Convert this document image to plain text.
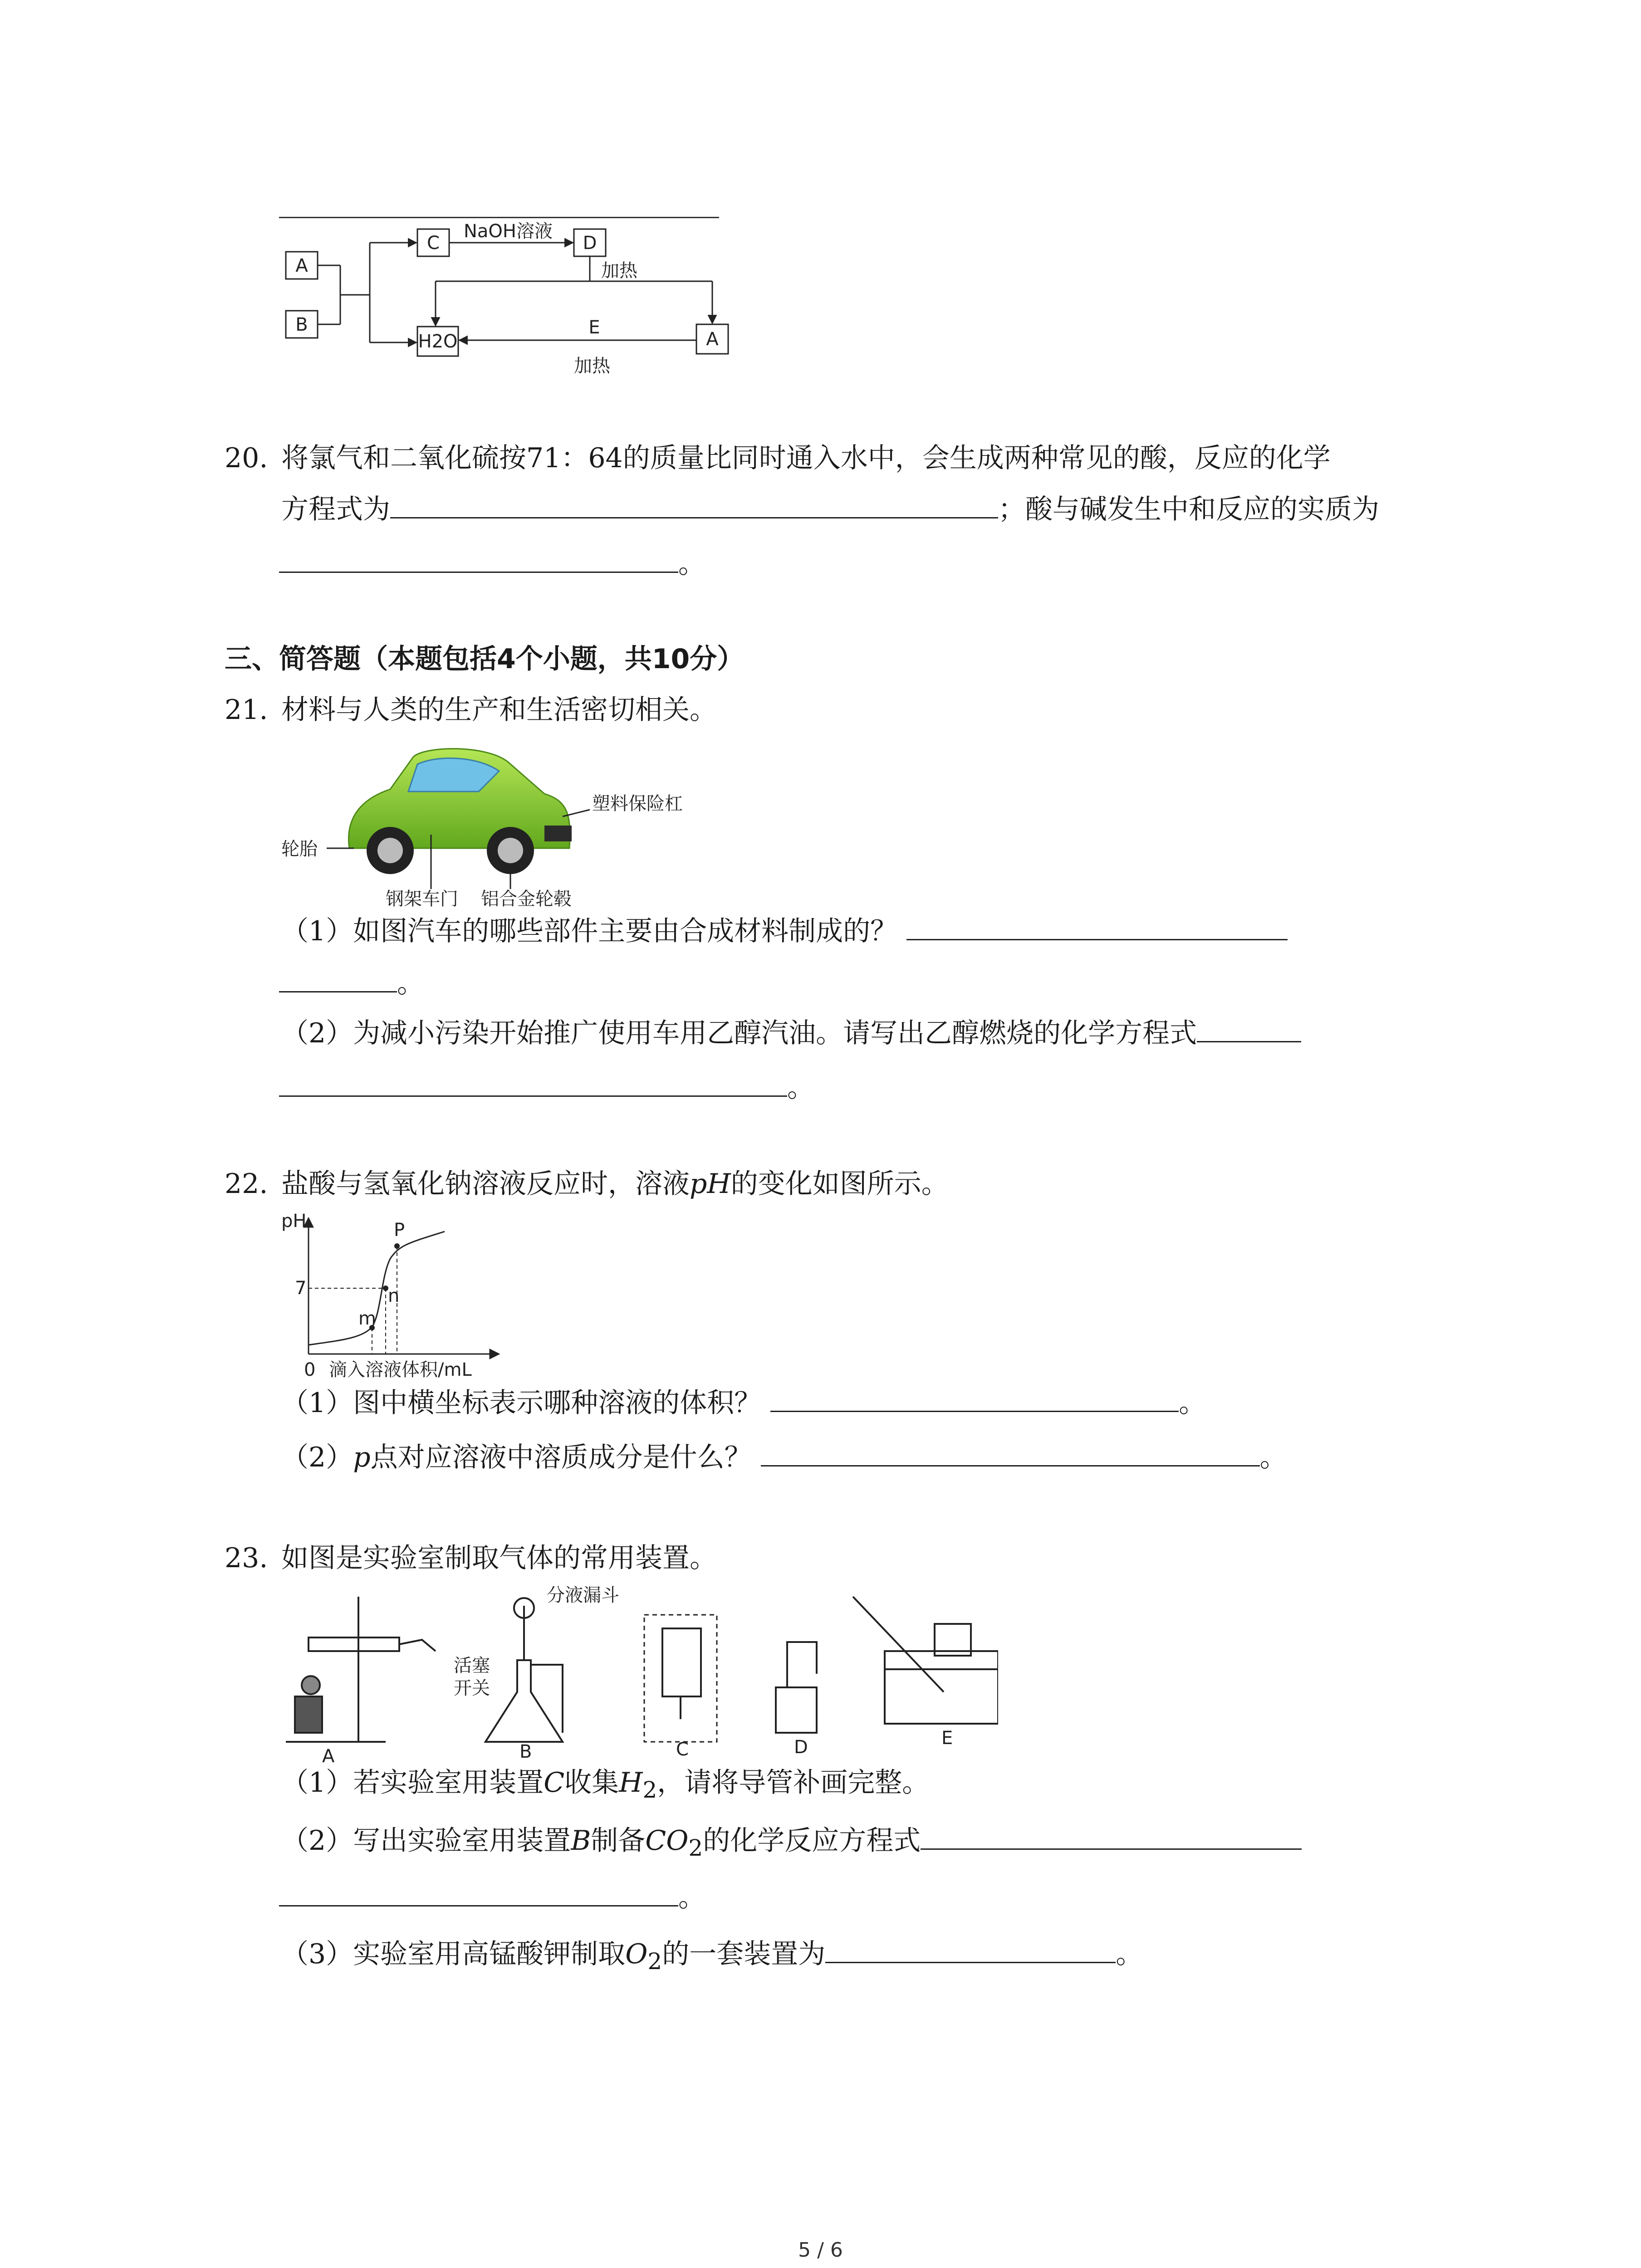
A
B
C	D
H2O	A
NaOH溶液
加热
E
加热
20. 将氯气和二氧化硫按71：64的质量比同时通入水中，会生成两种常见的酸，反应的化学
方程式为	；酸与碱发生中和反应的实质为
。
三、简答题（本题包括4个小题，共10分）
21. 材料与人类的生产和生活密切相关。
塑料保险杠
轮胎
钢架车门 铝合金轮毂
（1）如图汽车的哪些部件主要由合成材料制成的？
。
（2）为减小污染开始推广使用车用乙醇汽油。请写出乙醇燃烧的化学方程式
。
22. 盐酸与氢氧化钠溶液反应时，溶液pH的变化如图所示。
pH
7
0 滴入溶液体积/mL
m
n
P
（1）图中横坐标表示哪种溶液的体积？	。
（2）p点对应溶液中溶质成分是什么？	。
23. 如图是实验室制取气体的常用装置。
A	B	C	D	E
分液漏斗
活塞
开关
（1）若实验室用装置C收集$H_2$，请将导管补画完整。
（2）写出实验室用装置B制备$CO_2$的化学反应方程式
。
（3）实验室用高锰酸钾制取$O_2$的一套装置为	。
5 / 6
